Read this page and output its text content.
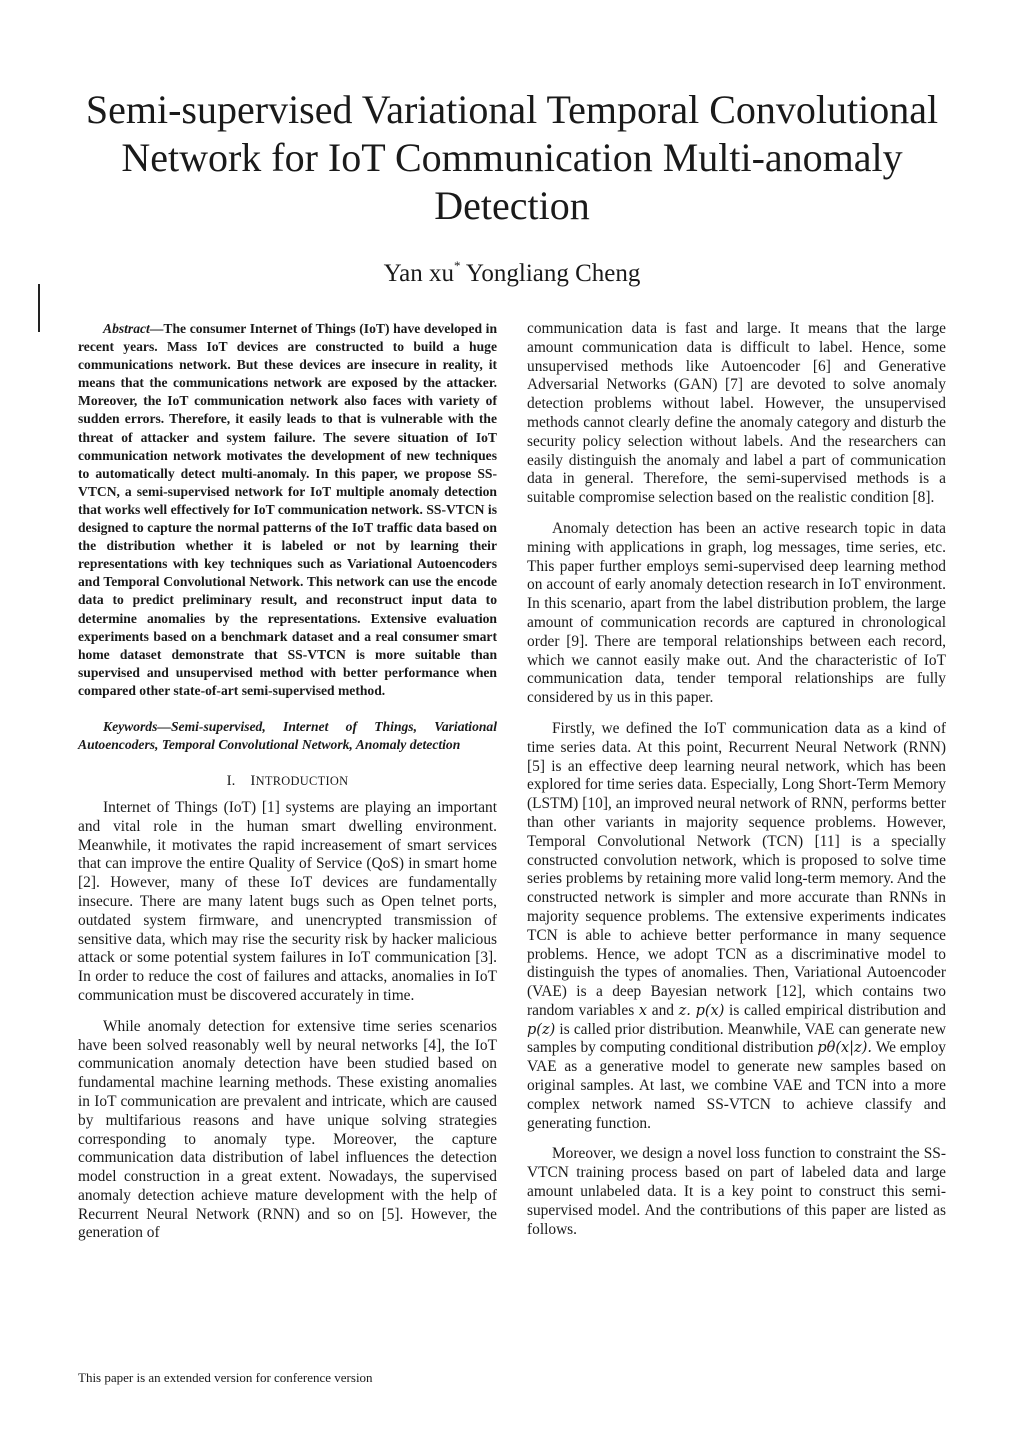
Semi-supervised Variational Temporal Convolutional Network for IoT Communication Multi-anomaly Detection
Yan xu* Yongliang Cheng

Abstract—The consumer Internet of Things (IoT) have developed in recent years. Mass IoT devices are constructed to build a huge communications network. But these devices are insecure in reality, it means that the communications network are exposed by the attacker. Moreover, the IoT communication network also faces with variety of sudden errors. Therefore, it easily leads to that is vulnerable with the threat of attacker and system failure. The severe situation of IoT communication network motivates the development of new techniques to automatically detect multi-anomaly. In this paper, we propose SS-VTCN, a semi-supervised network for IoT multiple anomaly detection that works well effectively for IoT communication network. SS-VTCN is designed to capture the normal patterns of the IoT traffic data based on the distribution whether it is labeled or not by learning their representations with key techniques such as Variational Autoencoders and Temporal Convolutional Network. This network can use the encode data to predict preliminary result, and reconstruct input data to determine anomalies by the representations. Extensive evaluation experiments based on a benchmark dataset and a real consumer smart home dataset demonstrate that SS-VTCN is more suitable than supervised and unsupervised method with better performance when compared other state-of-art semi-supervised method.

Keywords—Semi-supervised, Internet of Things, Variational Autoencoders, Temporal Convolutional Network, Anomaly detection

I. INTRODUCTION

Internet of Things (IoT) [1] systems are playing an important and vital role in the human smart dwelling environment. Meanwhile, it motivates the rapid increasement of smart services that can improve the entire Quality of Service (QoS) in smart home [2]. However, many of these IoT devices are fundamentally insecure. There are many latent bugs such as Open telnet ports, outdated system firmware, and unencrypted transmission of sensitive data, which may rise the security risk by hacker malicious attack or some potential system failures in IoT communication [3]. In order to reduce the cost of failures and attacks, anomalies in IoT communication must be discovered accurately in time.

While anomaly detection for extensive time series scenarios have been solved reasonably well by neural networks [4], the IoT communication anomaly detection have been studied based on fundamental machine learning methods. These existing anomalies in IoT communication are prevalent and intricate, which are caused by multifarious reasons and have unique solving strategies corresponding to anomaly type. Moreover, the capture communication data distribution of label influences the detection model construction in a great extent. Nowadays, the supervised anomaly detection achieve mature development with the help of Recurrent Neural Network (RNN) and so on [5]. However, the generation of

communication data is fast and large. It means that the large amount communication data is difficult to label. Hence, some unsupervised methods like Autoencoder [6] and Generative Adversarial Networks (GAN) [7] are devoted to solve anomaly detection problems without label. However, the unsupervised methods cannot clearly define the anomaly category and disturb the security policy selection without labels. And the researchers can easily distinguish the anomaly and label a part of communication data in general. Therefore, the semi-supervised methods is a suitable compromise selection based on the realistic condition [8].

Anomaly detection has been an active research topic in data mining with applications in graph, log messages, time series, etc. This paper further employs semi-supervised deep learning method on account of early anomaly detection research in IoT environment. In this scenario, apart from the label distribution problem, the large amount of communication records are captured in chronological order [9]. There are temporal relationships between each record, which we cannot easily make out. And the characteristic of IoT communication data, tender temporal relationships are fully considered by us in this paper.

Firstly, we defined the IoT communication data as a kind of time series data. At this point, Recurrent Neural Network (RNN) [5] is an effective deep learning neural network, which has been explored for time series data. Especially, Long Short-Term Memory (LSTM) [10], an improved neural network of RNN, performs better than other variants in majority sequence problems. However, Temporal Convolutional Network (TCN) [11] is a specially constructed convolution network, which is proposed to solve time series problems by retaining more valid long-term memory. And the constructed network is simpler and more accurate than RNNs in majority sequence problems. The extensive experiments indicates TCN is able to achieve better performance in many sequence problems. Hence, we adopt TCN as a discriminative model to distinguish the types of anomalies. Then, Variational Autoencoder (VAE) is a deep Bayesian network [12], which contains two random variables x and z. p(x) is called empirical distribution and p(z) is called prior distribution. Meanwhile, VAE can generate new samples by computing conditional distribution pθ(x|z). We employ VAE as a generative model to generate new samples based on original samples. At last, we combine VAE and TCN into a more complex network named SS-VTCN to achieve classify and generating function.

Moreover, we design a novel loss function to constraint the SS-VTCN training process based on part of labeled data and large amount unlabeled data. It is a key point to construct this semi-supervised model. And the contributions of this paper are listed as follows.

This paper is an extended version for conference version
